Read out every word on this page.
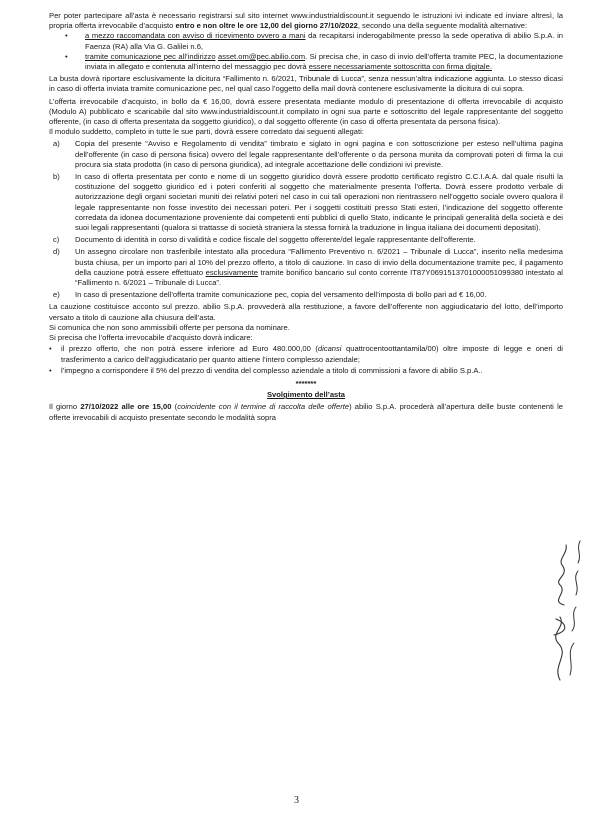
Per poter partecipare all’asta è necessario registrarsi sul sito internet www.industrialdiscount.it seguendo le istruzioni ivi indicate ed inviare altresì, la propria offerta irrevocabile d’acquisto entro e non oltre le ore 12,00 del giorno 27/10/2022, secondo una della seguente modalità alternative:

• a mezzo raccomandata con avviso di ricevimento ovvero a mani da recapitarsi inderogabilmente presso la sede operativa di abilio S.p.A. in Faenza (RA) alla Via G. Galilei n.6,
• tramite comunicazione pec all’indirizzo asset.om@pec.abilio.com. Si precisa che, in caso di invio dell’offerta tramite PEC, la documentazione inviata in allegato e contenuta all’interno del messaggio pec dovrà essere necessariamente sottoscritta con firma digitale.

La busta dovrà riportare esclusivamente la dicitura “Fallimento n. 6/2021, Tribunale di Lucca”, senza nessun’altra indicazione aggiunta. Lo stesso dicasi in caso di offerta inviata tramite comunicazione pec, nel qual caso l’oggetto della mail dovrà contenere esclusivamente la dicitura di cui sopra.

L’offerta irrevocabile d’acquisto, in bollo da € 16,00, dovrà essere presentata mediante modulo di presentazione di offerta irrevocabile di acquisto (Modulo A) pubblicato e scaricabile dal sito www.industrialdiscount.it compilato in ogni sua parte e sottoscritto del legale rappresentante del soggetto offerente, (in caso di offerta presentata da soggetto giuridico), o dal soggetto offerente (in caso di offerta presentata da persona fisica).

Il modulo suddetto, completo in tutte le sue parti, dovrà essere corredato dai seguenti allegati:

a) Copia del presente “Avviso e Regolamento di vendita” timbrato e siglato in ogni pagina e con sottoscrizione per esteso nell’ultima pagina dell’offerente (in caso di persona fisica) ovvero del legale rappresentante dell’offerente o da persona munita da comprovati poteri di firma la cui procura sia stata prodotta (in caso di persona giuridica), ad integrale accettazione delle condizioni ivi previste.
b) In caso di offerta presentata per conto e nome di un soggetto giuridico dovrà essere prodotto certificato registro C.C.I.A.A. dal quale risulti la costituzione del soggetto giuridico ed i poteri conferiti al soggetto che materialmente presenta l’offerta. Dovrà essere prodotto verbale di autorizzazione degli organi societari muniti dei relativi poteri nel caso in cui tali operazioni non rientrassero nell’oggetto sociale ovvero qualora il legale rappresentante non fosse investito dei necessari poteri. Per i soggetti costituiti presso Stati esteri, l’indicazione del soggetto offerente corredata da idonea documentazione proveniente dai competenti enti pubblici di quello Stato, indicante le principali generalità della società e dei suoi legali rappresentanti (qualora si trattasse di società straniera la stessa fornirà la traduzione in lingua italiana dei documenti depositati).
c) Documento di identità in corso di validità e codice fiscale del soggetto offerente/del legale rappresentante dell’offerente.
d) Un assegno circolare non trasferibile intestato alla procedura “Fallimento Preventivo n. 6/2021 – Tribunale di Lucca”, inserito nella medesima busta chiusa, per un importo pari al 10% del prezzo offerto, a titolo di cauzione. In caso di invio della documentazione tramite pec, il pagamento della cauzione potrà essere effettuato esclusivamente tramite bonifico bancario sul conto corrente IT87Y0691513701000051099380 intestato al “Fallimento n. 6/2021 – Tribunale di Lucca”.
e) In caso di presentazione dell’offerta tramite comunicazione pec, copia del versamento dell’imposta di bollo pari ad € 16,00.

La cauzione costituisce acconto sul prezzo. abilio S.p.A. provvederà alla restituzione, a favore dell’offerente non aggiudicatario del lotto, dell’importo versato a titolo di cauzione alla chiusura dell’asta.

Si comunica che non sono ammissibili offerte per persona da nominare.

Si precisa che l’offerta irrevocabile d’acquisto dovrà indicare:

•	il prezzo offerto, che non potrà essere inferiore ad Euro 480.000,00 (dicansi quattrocentoottantamila/00) oltre imposte di legge e oneri di trasferimento a carico dell’aggiudicatario per quanto attiene l’intero complesso aziendale;

•	l’impegno a corrispondere il 5% del prezzo di vendita del complesso aziendale a titolo di commissioni a favore di abilio S.p.A..

*******
Svolgimento dell’asta

Il giorno 27/10/2022 alle ore 15,00 (coincidente con il termine di raccolta delle offerte) abilio S.p.A. procederà all’apertura delle buste contenenti le offerte irrevocabili di acquisto presentate secondo le modalità sopra

3
